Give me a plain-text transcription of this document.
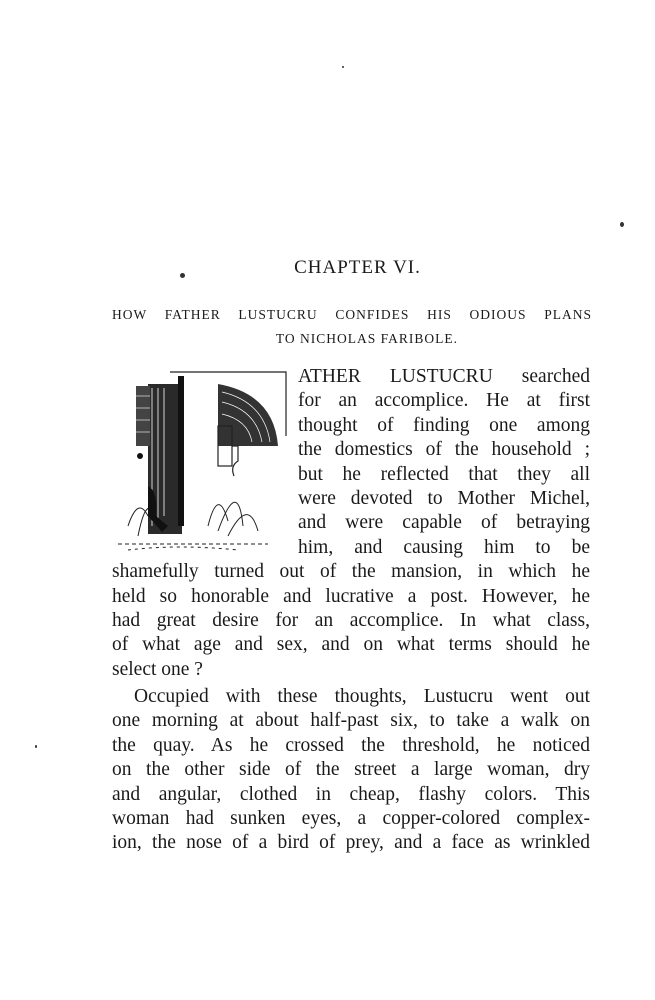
CHAPTER VI.
HOW FATHER LUSTUCRU CONFIDES HIS ODIOUS PLANS
TO NICHOLAS FARIBOLE.
ATHER LUSTUCRU searched
for an accomplice. He at first
thought of finding one among
the domestics of the household ;
but he reflected that they all
were devoted to Mother Michel,
and were capable of betraying
him, and causing him to be
shamefully turned out of the mansion, in which he
held so honorable and lucrative a post. However, he
had great desire for an accomplice. In what class,
of what age and sex, and on what terms should he
select one ?
Occupied with these thoughts, Lustucru went out
one morning at about half-past six, to take a walk on
the quay. As he crossed the threshold, he noticed
on the other side of the street a large woman, dry
and angular, clothed in cheap, flashy colors. This
woman had sunken eyes, a copper-colored complex-
ion, the nose of a bird of prey, and a face as wrinkled
